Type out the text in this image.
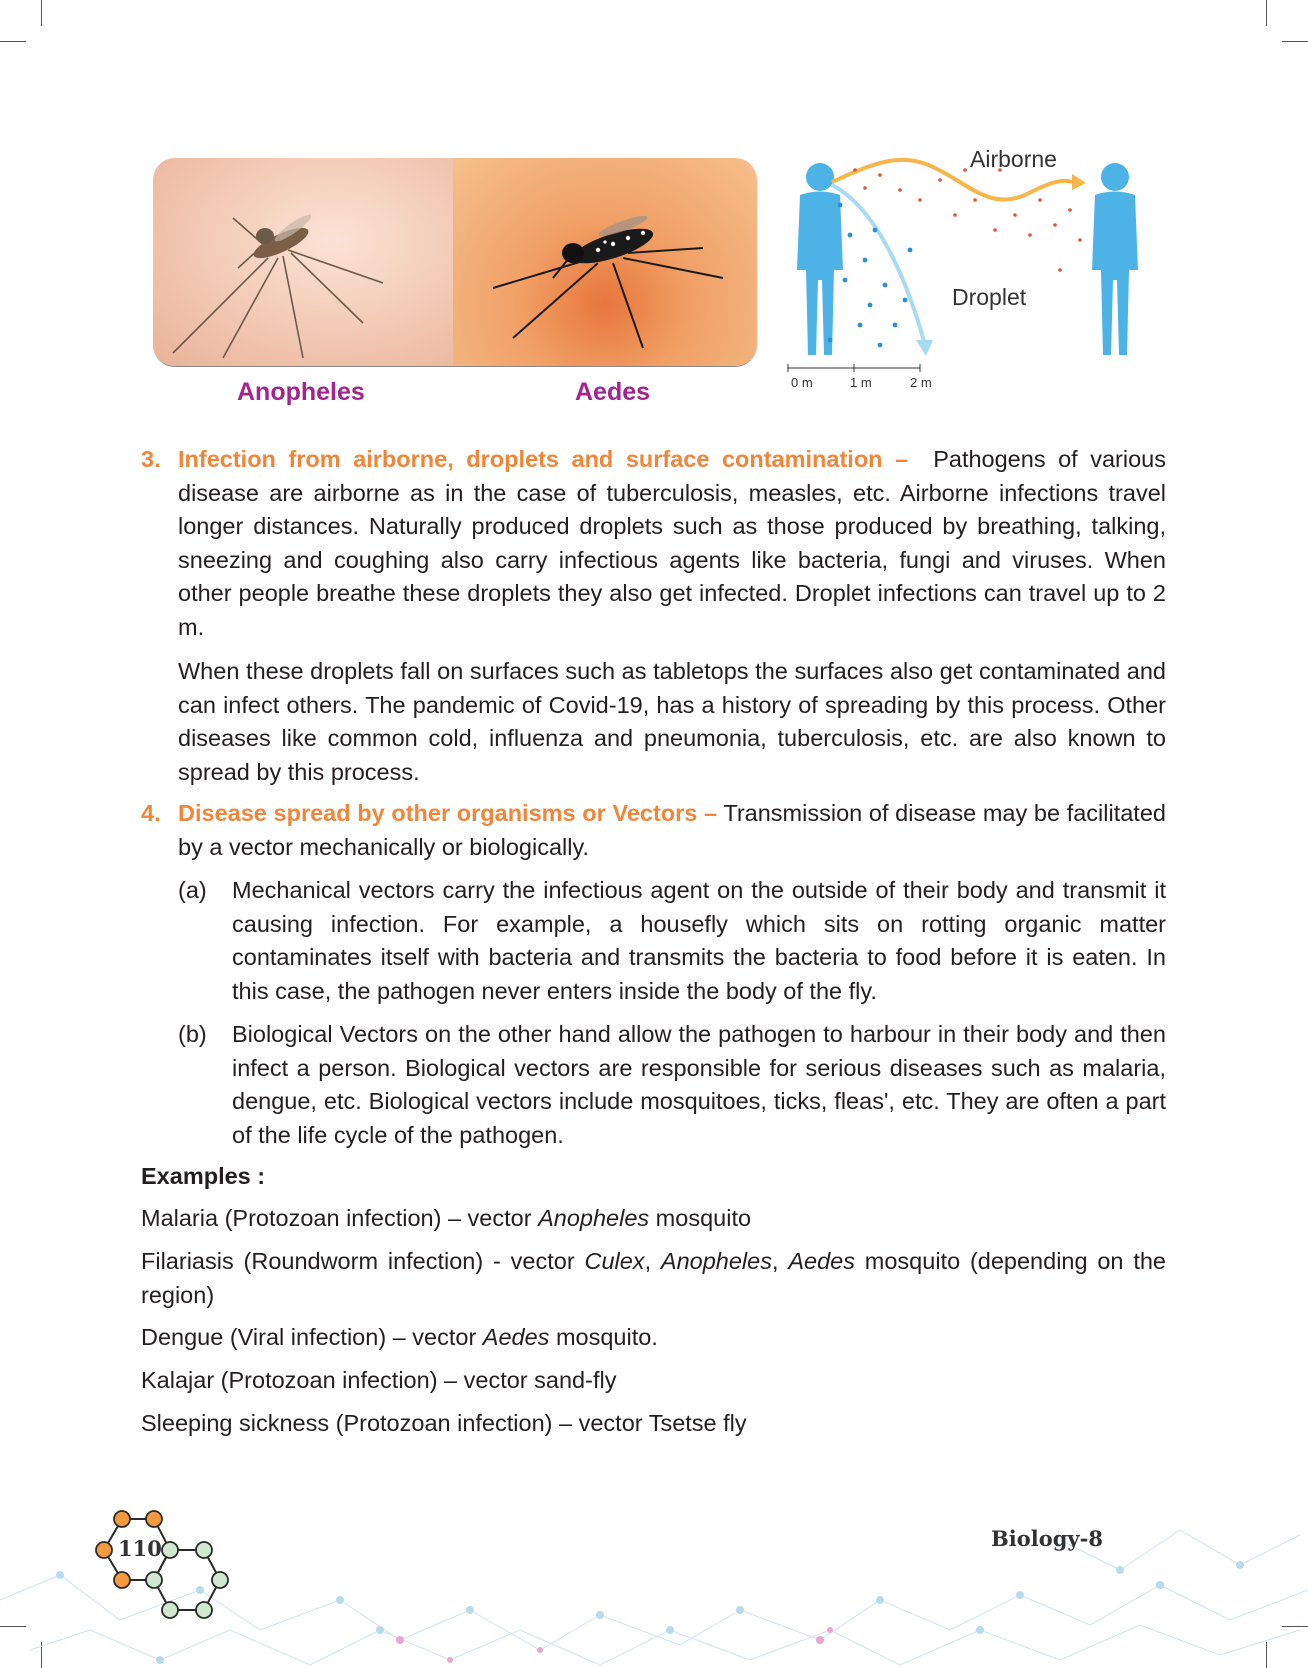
Anopheles	Aedes
Airborne
Droplet
0 m	1 m	2 m
3. Infection from airborne, droplets and surface contamination – Pathogens of various disease are airborne as in the case of tuberculosis, measles, etc. Airborne infections travel longer distances. Naturally produced droplets such as those produced by breathing, talking, sneezing and coughing also carry infectious agents like bacteria, fungi and viruses. When other people breathe these droplets they also get infected. Droplet infections can travel up to 2 m.

When these droplets fall on surfaces such as tabletops the surfaces also get contaminated and can infect others. The pandemic of Covid-19, has a history of spreading by this process. Other diseases like common cold, influenza and pneumonia, tuberculosis, etc. are also known to spread by this process.

4. Disease spread by other organisms or Vectors – Transmission of disease may be facilitated by a vector mechanically or biologically.

(a) Mechanical vectors carry the infectious agent on the outside of their body and transmit it causing infection. For example, a housefly which sits on rotting organic matter contaminates itself with bacteria and transmits the bacteria to food before it is eaten. In this case, the pathogen never enters inside the body of the fly.

(b) Biological Vectors on the other hand allow the pathogen to harbour in their body and then infect a person. Biological vectors are responsible for serious diseases such as malaria, dengue, etc. Biological vectors include mosquitoes, ticks, fleas', etc. They are often a part of the life cycle of the pathogen.

Examples :

Malaria (Protozoan infection) – vector Anopheles mosquito

Filariasis (Roundworm infection) - vector Culex, Anopheles, Aedes mosquito (depending on the region)

Dengue (Viral infection) – vector Aedes mosquito.

Kalajar (Protozoan infection) – vector sand-fly

Sleeping sickness (Protozoan infection) – vector Tsetse fly

110	Biology-8
